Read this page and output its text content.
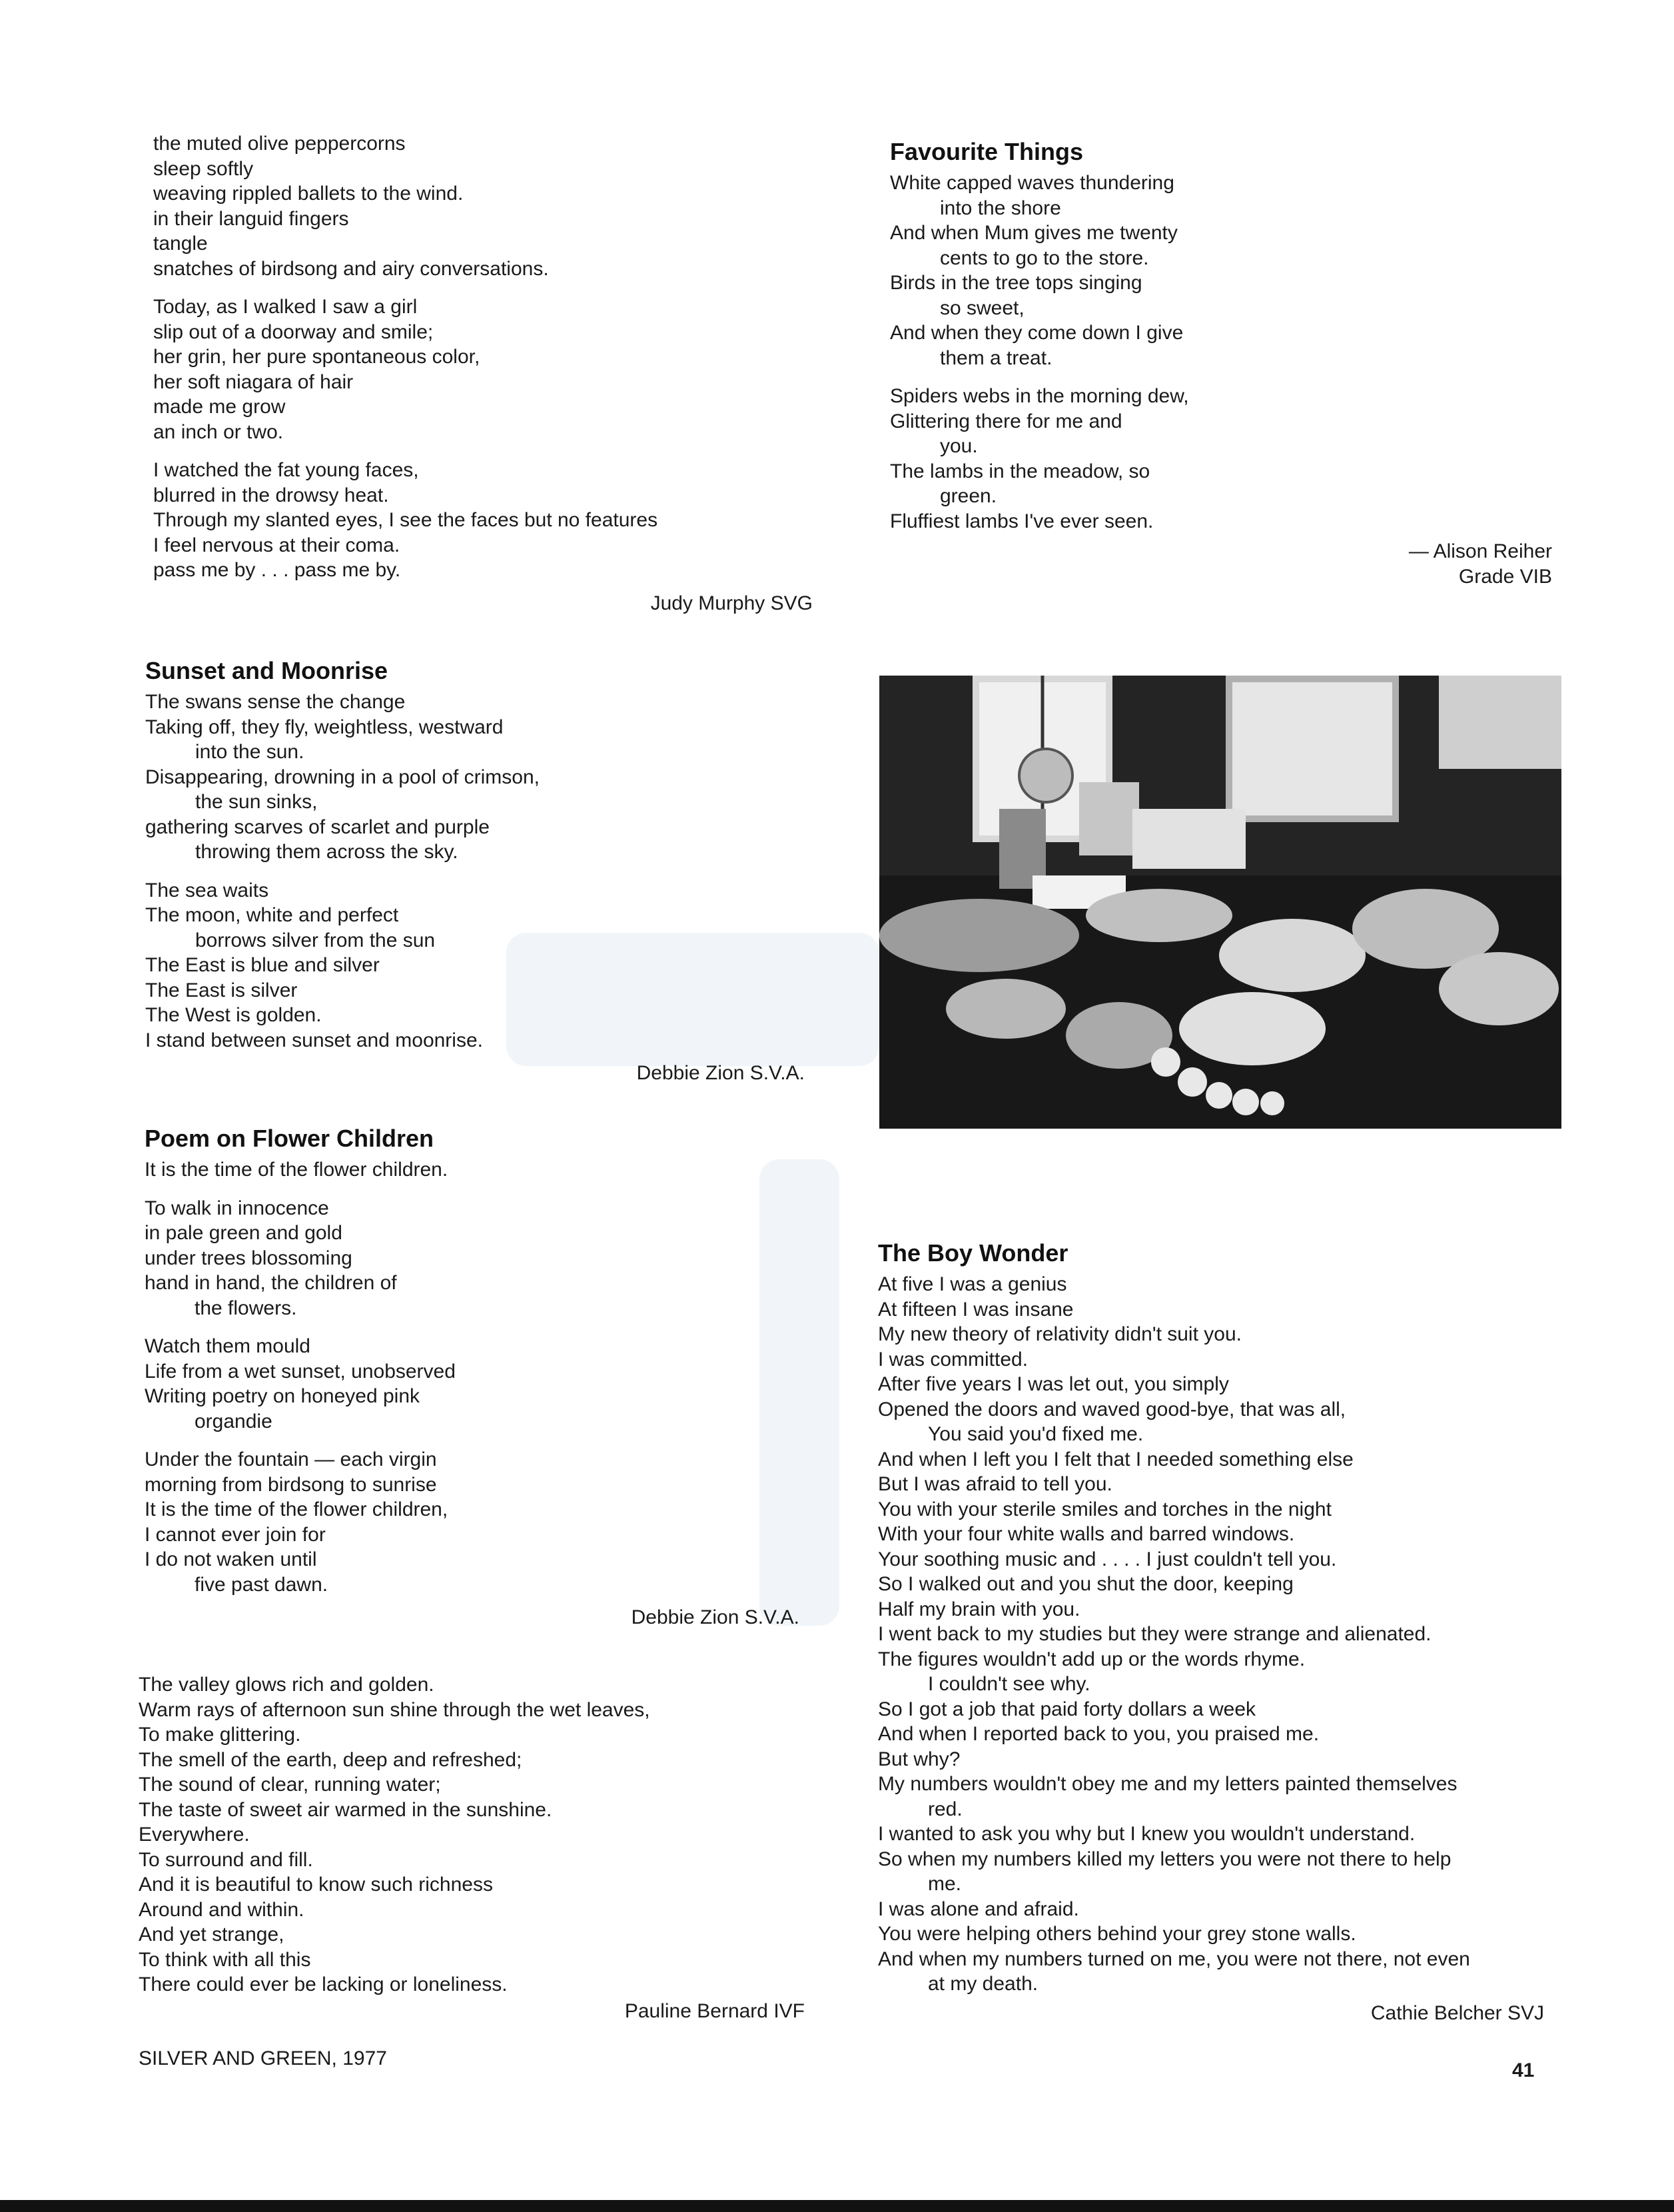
the muted olive peppercorns
sleep softly
weaving rippled ballets to the wind.
in their languid fingers
tangle
snatches of birdsong and airy conversations.
Today, as I walked I saw a girl
slip out of a doorway and smile;
her grin, her pure spontaneous color,
her soft niagara of hair
made me grow
an inch or two.
I watched the fat young faces,
blurred in the drowsy heat.
Through my slanted eyes, I see the faces but no features
I feel nervous at their coma.
pass me by . . . pass me by.
Judy Murphy SVG
Sunset and Moonrise
The swans sense the change
Taking off, they fly, weightless, westward
into the sun.
Disappearing, drowning in a pool of crimson,
the sun sinks,
gathering scarves of scarlet and purple
throwing them across the sky.
The sea waits
The moon, white and perfect
borrows silver from the sun
The East is blue and silver
The East is silver
The West is golden.
I stand between sunset and moonrise.
Debbie Zion S.V.A.
Poem on Flower Children
It is the time of the flower children.
To walk in innocence
in pale green and gold
under trees blossoming
hand in hand, the children of
the flowers.
Watch them mould
Life from a wet sunset, unobserved
Writing poetry on honeyed pink
organdie
Under the fountain — each virgin
morning from birdsong to sunrise
It is the time of the flower children,
I cannot ever join for
I do not waken until
five past dawn.
Debbie Zion S.V.A.
The valley glows rich and golden.
Warm rays of afternoon sun shine through the wet leaves,
To make glittering.
The smell of the earth, deep and refreshed;
The sound of clear, running water;
The taste of sweet air warmed in the sunshine.
Everywhere.
To surround and fill.
And it is beautiful to know such richness
Around and within.
And yet strange,
To think with all this
There could ever be lacking or loneliness.
Pauline Bernard IVF
Favourite Things
White capped waves thundering
into the shore
And when Mum gives me twenty
cents to go to the store.
Birds in the tree tops singing
so sweet,
And when they come down I give
them a treat.
Spiders webs in the morning dew,
Glittering there for me and
you.
The lambs in the meadow, so
green.
Fluffiest lambs I've ever seen.
— Alison Reiher
Grade VIB
The Boy Wonder
At five I was a genius
At fifteen I was insane
My new theory of relativity didn't suit you.
I was committed.
After five years I was let out, you simply
Opened the doors and waved good-bye, that was all,
You said you'd fixed me.
And when I left you I felt that I needed something else
But I was afraid to tell you.
You with your sterile smiles and torches in the night
With your four white walls and barred windows.
Your soothing music and . . . . I just couldn't tell you.
So I walked out and you shut the door, keeping
Half my brain with you.
I went back to my studies but they were strange and alienated.
The figures wouldn't add up or the words rhyme.
I couldn't see why.
So I got a job that paid forty dollars a week
And when I reported back to you, you praised me.
But why?
My numbers wouldn't obey me and my letters painted themselves
red.
I wanted to ask you why but I knew you wouldn't understand.
So when my numbers killed my letters you were not there to help
me.
I was alone and afraid.
You were helping others behind your grey stone walls.
And when my numbers turned on me, you were not there, not even
at my death.
Cathie Belcher SVJ
SILVER AND GREEN, 1977
41
